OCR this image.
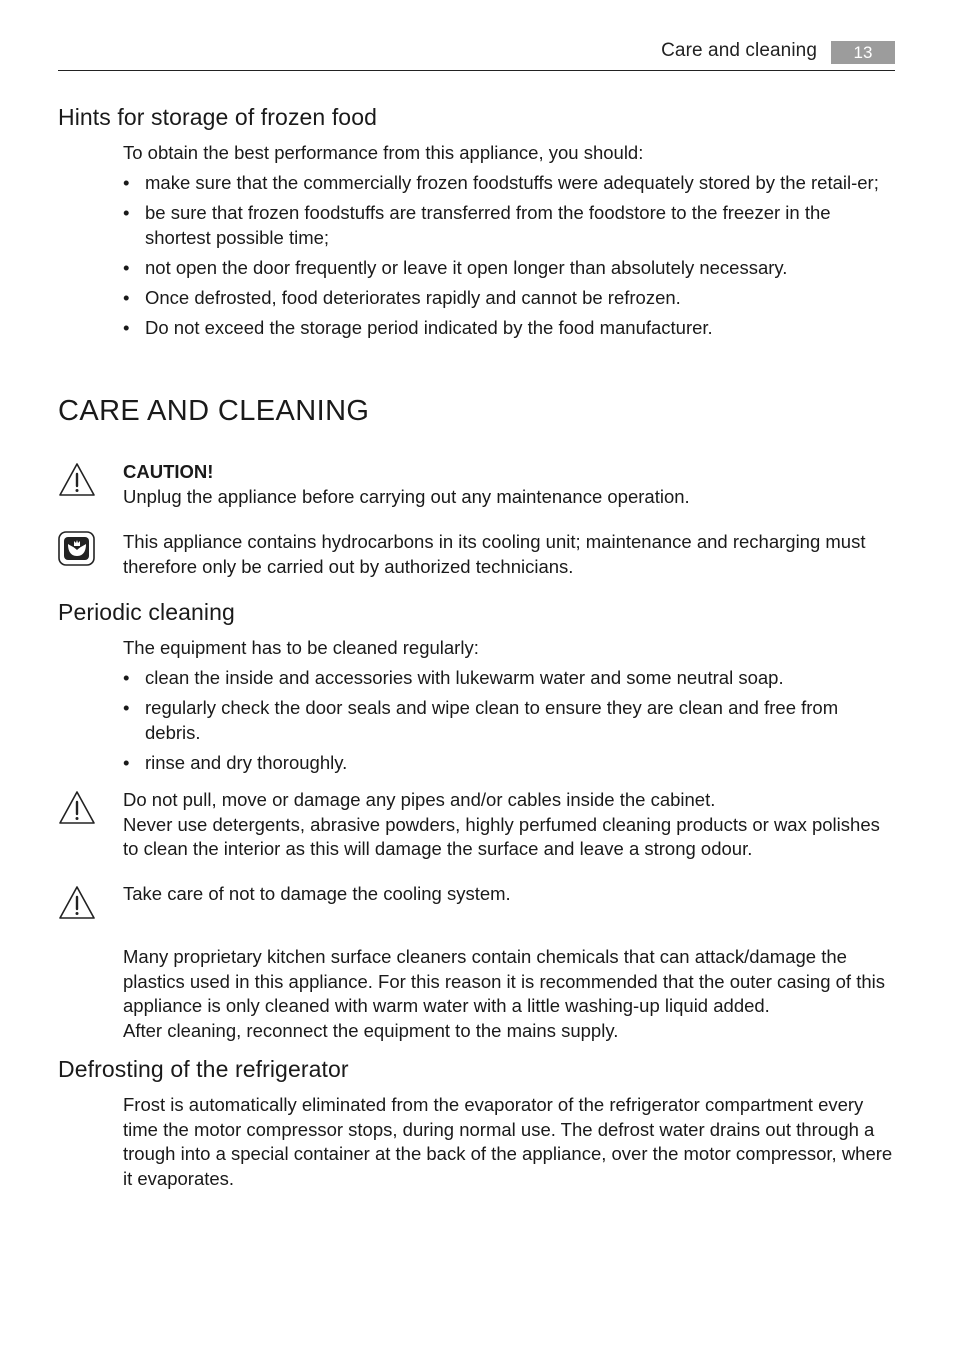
Care and cleaning	13
Hints for storage of frozen food

To obtain the best performance from this appliance, you should:

• make sure that the commercially frozen foodstuffs were adequately stored by the retail-er;
• be sure that frozen foodstuffs are transferred from the foodstore to the freezer in the shortest possible time;
• not open the door frequently or leave it open longer than absolutely necessary.
• Once defrosted, food deteriorates rapidly and cannot be refrozen.
• Do not exceed the storage period indicated by the food manufacturer.
CARE AND CLEANING
CAUTION!
Unplug the appliance before carrying out any maintenance operation.

This appliance contains hydrocarbons in its cooling unit; maintenance and recharging must therefore only be carried out by authorized technicians.

Periodic cleaning

The equipment has to be cleaned regularly:

• clean the inside and accessories with lukewarm water and some neutral soap.
• regularly check the door seals and wipe clean to ensure they are clean and free from debris.
• rinse and dry thoroughly.
Do not pull, move or damage any pipes and/or cables inside the cabinet.
Never use detergents, abrasive powders, highly perfumed cleaning products or wax polishes to clean the interior as this will damage the surface and leave a strong odour.

Take care of not to damage the cooling system.

Many proprietary kitchen surface cleaners contain chemicals that can attack/damage the plastics used in this appliance. For this reason it is recommended that the outer casing of this appliance is only cleaned with warm water with a little washing-up liquid added.
After cleaning, reconnect the equipment to the mains supply.
Defrosting of the refrigerator

Frost is automatically eliminated from the evaporator of the refrigerator compartment every time the motor compressor stops, during normal use. The defrost water drains out through a trough into a special container at the back of the appliance, over the motor compressor, where it evaporates.
